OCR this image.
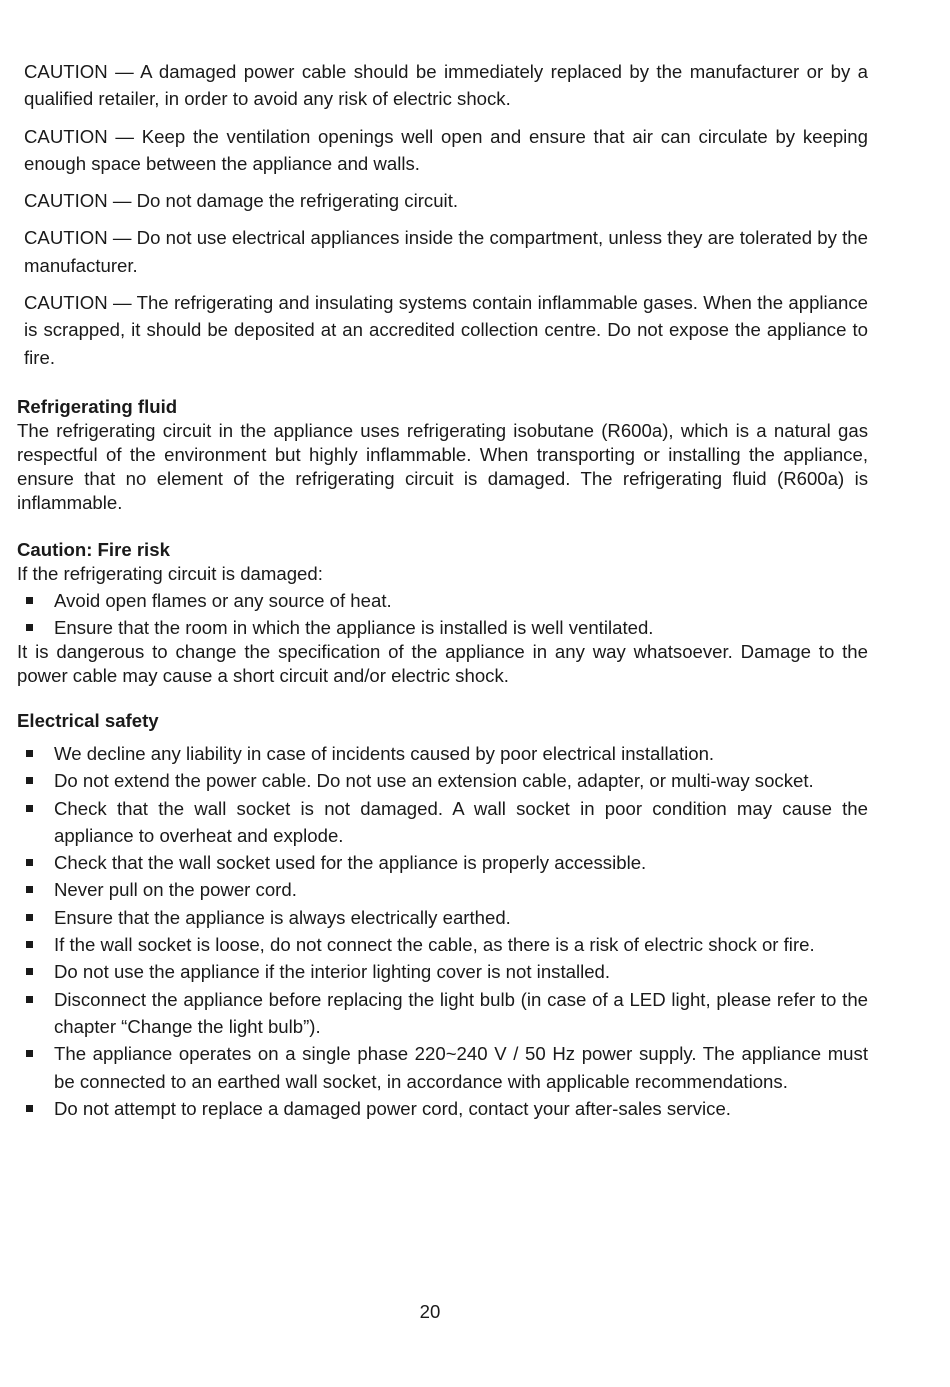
CAUTION — A damaged power cable should be immediately replaced by the manufacturer or by a qualified retailer, in order to avoid any risk of electric shock.

CAUTION — Keep the ventilation openings well open and ensure that air can circulate by keeping enough space between the appliance and walls.

CAUTION — Do not damage the refrigerating circuit.

CAUTION — Do not use electrical appliances inside the compartment, unless they are tolerated by the manufacturer.

CAUTION — The refrigerating and insulating systems contain inflammable gases. When the appliance is scrapped, it should be deposited at an accredited collection centre. Do not expose the appliance to fire.

Refrigerating fluid

The refrigerating circuit in the appliance uses refrigerating isobutane (R600a), which is a natural gas respectful of the environment but highly inflammable. When transporting or installing the appliance, ensure that no element of the refrigerating circuit is damaged. The refrigerating fluid (R600a) is inflammable.

Caution: Fire risk

If the refrigerating circuit is damaged:

Avoid open flames or any source of heat.
Ensure that the room in which the appliance is installed is well ventilated.

It is dangerous to change the specification of the appliance in any way whatsoever. Damage to the power cable may cause a short circuit and/or electric shock.

Electrical safety
We decline any liability in case of incidents caused by poor electrical installation.
Do not extend the power cable. Do not use an extension cable, adapter, or multi-way socket.
Check that the wall socket is not damaged. A wall socket in poor condition may cause the appliance to overheat and explode.
Check that the wall socket used for the appliance is properly accessible.
Never pull on the power cord.
Ensure that the appliance is always electrically earthed.
If the wall socket is loose, do not connect the cable, as there is a risk of electric shock or fire.
Do not use the appliance if the interior lighting cover is not installed.
Disconnect the appliance before replacing the light bulb (in case of a LED light, please refer to the chapter “Change the light bulb”).
The appliance operates on a single phase 220~240 V / 50 Hz power supply. The appliance must be connected to an earthed wall socket, in accordance with applicable recommendations.
Do not attempt to replace a damaged power cord, contact your after-sales service.
20
